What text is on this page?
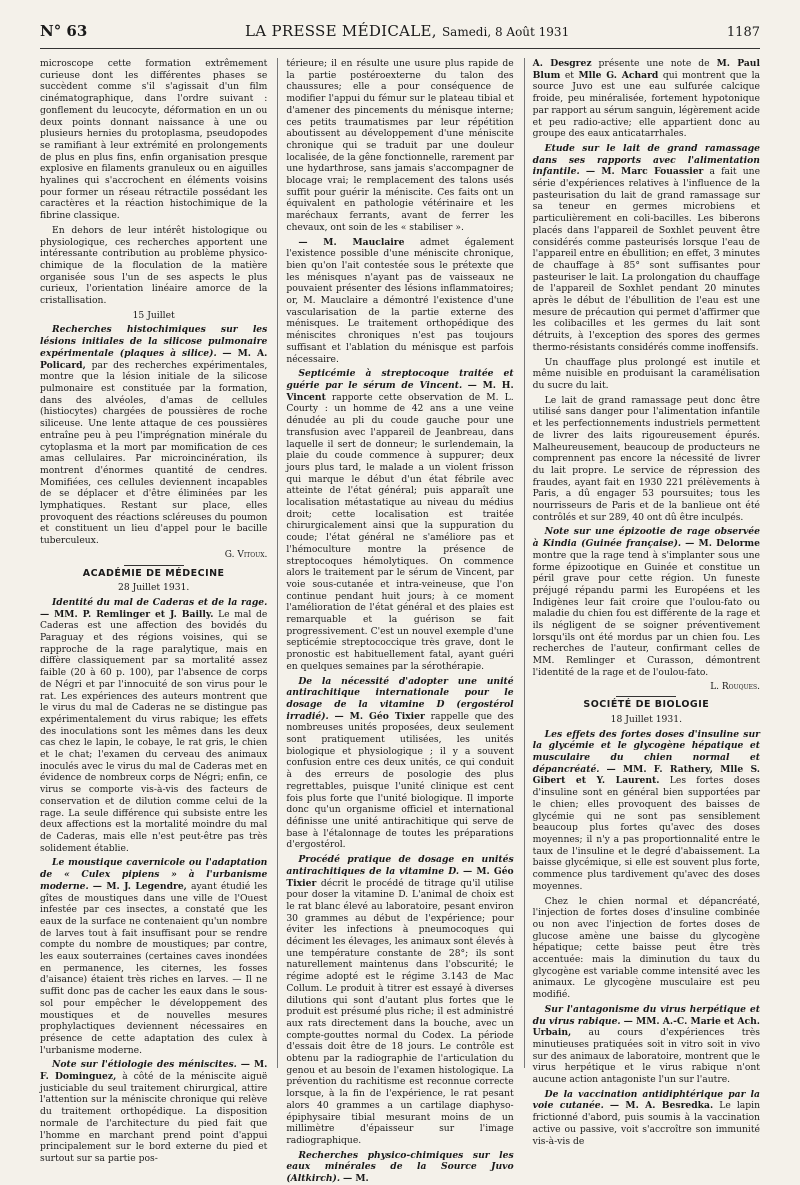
N° 63	LA PRESSE MÉDICALE, Samedi, 8 Août 1931	1187

microscope cette formation extrêmement curieuse dont les différentes phases se succèdent comme s'il s'agissait d'un film cinématographique, dans l'ordre suivant : gonflement du leucocyte, déformation en un ou deux points donnant naissance à une ou plusieurs hernies du protoplasma, pseudopodes se ramifiant à leur extrémité en prolongements de plus en plus fins, enfin organisation presque explosive en filaments granuleux ou en aiguilles hyalines qui s'accrochent en éléments voisins pour former un réseau rétractile possédant les caractères et la réaction histochimique de la fibrine classique.

En dehors de leur intérêt histologique ou physiologique, ces recherches apportent une intéressante contribution au problème physico-chimique de la floculation de la matière organisée sous l'un de ses aspects le plus curieux, l'orientation linéaire amorce de la cristallisation.

15 Juillet

Recherches histochimiques sur les lésions initiales de la silicose pulmonaire expérimentale (plaques à silice). — M. A. Policard, par des recherches expérimentales, montre que la lésion initiale de la silicose pulmonaire est constituée par la formation, dans des alvéoles, d'amas de cellules (histiocytes) chargées de poussières de roche siliceuse. Une lente attaque de ces poussières entraîne peu à peu l'imprégnation minérale du cytoplasma et la mort par momification de ces amas cellulaires. Par microincinération, ils montrent d'énormes quantité de cendres. Momifiées, ces cellules deviennent incapables de se déplacer et d'être éliminées par les lymphatiques. Restant sur place, elles provoquent des réactions scléreuses du poumon et constituent un lieu d'appel pour le bacille tuberculeux.

G. Vitoux.

ACADÉMIE DE MÉDECINE

28 Juillet 1931.

Identité du mal de Caderas et de la rage. — MM. P. Remlinger et J. Bailly. Le mal de Caderas est une affection des bovidés du Paraguay et des régions voisines, qui se rapproche de la rage paralytique, mais en diffère classiquement par sa mortalité assez faible (20 à 60 p. 100), par l'absence de corps de Négri et par l'innocuité de son virus pour le rat. Les expériences des auteurs montrent que le virus du mal de Caderas ne se distingue pas expérimentalement du virus rabique; les effets des inoculations sont les mêmes dans les deux cas chez le lapin, le cobaye, le rat gris, le chien et le chat; l'examen du cerveau des animaux inoculés avec le virus du mal de Caderas met en évidence de nombreux corps de Négri; enfin, ce virus se comporte vis-à-vis des facteurs de conservation et de dilution comme celui de la rage. La seule différence qui subsiste entre les deux affections est la mortalité moindre du mal de Caderas, mais elle n'est peut-être pas très solidement établie.

Le moustique cavernicole ou l'adaptation de « Culex pipiens » à l'urbanisme moderne. — M. J. Legendre, ayant étudié les gîtes de moustiques dans une ville de l'Ouest infestée par ces insectes, a constaté que les eaux de la surface ne contenaient qu'un nombre de larves tout à fait insuffisant pour se rendre compte du nombre de moustiques; par contre, les eaux souterraines (certaines caves inondées en permanence, les citernes, les fosses d'aisance) étaient très riches en larves. — Il ne suffit donc pas de cacher les eaux dans le sous-sol pour empêcher le développement des moustiques et de nouvelles mesures prophylactiques deviennent nécessaires en présence de cette adaptation des culex à l'urbanisme moderne.

Note sur l'étiologie des méniscites. — M. F. Dominguez, à côté de la méniscite aiguë justiciable du seul traitement chirurgical, attire l'attention sur la méniscite chronique qui relève du traitement orthopédique. La disposition normale de l'architecture du pied fait que l'homme en marchant prend point d'appui principalement sur le bord externe du pied et surtout sur sa partie pos-

térieure; il en résulte une usure plus rapide de la partie postéroexterne du talon des chaussures; elle a pour conséquence de modifier l'appui du fémur sur le plateau tibial et d'amener des pincements du ménisque interne; ces petits traumatismes par leur répétition aboutissent au développement d'une méniscite chronique qui se traduit par une douleur localisée, de la gêne fonctionnelle, rarement par une hydarthrose, sans jamais s'accompagner de blocage vrai; le remplacement des talons usés suffit pour guérir la méniscite. Ces faits ont un équivalent en pathologie vétérinaire et les maréchaux ferrants, avant de ferrer les chevaux, ont soin de les « stabiliser ».

— M. Mauclaire admet également l'existence possible d'une méniscite chronique, bien qu'on l'ait contestée sous le prétexte que les ménisques n'ayant pas de vaisseaux ne pouvaient présenter des lésions inflammatoires; or, M. Mauclaire a démontré l'existence d'une vascularisation de la partie externe des ménisques. Le traitement orthopédique des méniscites chroniques n'est pas toujours suffisant et l'ablation du ménisque est parfois nécessaire.

Septicémie à streptocoque traitée et guérie par le sérum de Vincent. — M. H. Vincent rapporte cette observation de M. L. Courty : un homme de 42 ans a une veine dénudée au pli du coude gauche pour une transfusion avec l'appareil de Jeanbreau, dans laquelle il sert de donneur; le surlendemain, la plaie du coude commence à suppurer; deux jours plus tard, le malade a un violent frisson qui marque le début d'un état fébrile avec atteinte de l'état général; puis apparaît une localisation métastatique au niveau du médius droit; cette localisation est traitée chirurgicalement ainsi que la suppuration du coude; l'état général ne s'améliore pas et l'hémoculture montre la présence de streptocoques hémolytiques. On commence alors le traitement par le sérum de Vincent, par voie sous-cutanée et intra-veineuse, que l'on continue pendant huit jours; à ce moment l'amélioration de l'état général et des plaies est remarquable et la guérison se fait progressivement. C'est un nouvel exemple d'une septicémie streptococcique très grave, dont le pronostic est habituellement fatal, ayant guéri en quelques semaines par la sérothérapie.

De la nécessité d'adopter une unité antirachitique internationale pour le dosage de la vitamine D (ergostérol irradié). — M. Géo Tixier rappelle que des nombreuses unités proposées, deux seulement sont pratiquement utilisées, les unités biologique et physiologique ; il y a souvent confusion entre ces deux unités, ce qui conduit à des erreurs de posologie des plus regrettables, puisque l'unité clinique est cent fois plus forte que l'unité biologique. Il importe donc qu'un organisme officiel et international définisse une unité antirachitique qui serve de base à l'étalonnage de toutes les préparations d'ergostérol.

Procédé pratique de dosage en unités antirachitiques de la vitamine D. — M. Géo Tixier décrit le procédé de titrage qu'il utilise pour doser la vitamine D. L'animal de choix est le rat blanc élevé au laboratoire, pesant environ 30 grammes au début de l'expérience; pour éviter les infections à pneumocoques qui déciment les élevages, les animaux sont élevés à une température constante de 28°; ils sont naturellement maintenus dans l'obscurité; le régime adopté est le régime 3.143 de Mac Collum. Le produit à titrer est essayé à diverses dilutions qui sont d'autant plus fortes que le produit est présumé plus riche; il est administré aux rats directement dans la bouche, avec un compte-gouttes normal du Codex. La période d'essais doit être de 18 jours. Le contrôle est obtenu par la radiographie de l'articulation du genou et au besoin de l'examen histologique. La prévention du rachitisme est reconnue correcte lorsque, à la fin de l'expérience, le rat pesant alors 40 grammes a un cartilage diaphyso-épiphysaire tibial mesurant moins de un millimètre d'épaisseur sur l'image radiographique.

Recherches physico-chimiques sur les eaux minérales de la Source Juvo (Altkirch). — M.

A. Desgrez présente une note de M. Paul Blum et Mlle G. Achard qui montrent que la source Juvo est une eau sulfurée calcique froide, peu minéralisée, fortement hypotonique par rapport au sérum sanguin, légèrement acide et peu radio-active; elle appartient donc au groupe des eaux anticatarrhales.

Etude sur le lait de grand ramassage dans ses rapports avec l'alimentation infantile. — M. Marc Fouassier a fait une série d'expériences relatives à l'influence de la pasteurisation du lait de grand ramassage sur sa teneur en germes microbiens et particulièrement en coli-bacilles. Les biberons placés dans l'appareil de Soxhlet peuvent être considérés comme pasteurisés lorsque l'eau de l'appareil entre en ébullition; en effet, 3 minutes de chauffage à 85° sont suffisantes pour pasteuriser le lait. La prolongation du chauffage de l'appareil de Soxhlet pendant 20 minutes après le début de l'ébullition de l'eau est une mesure de précaution qui permet d'affirmer que les colibacilles et les germes du lait sont détruits, à l'exception des spores des germes thermo-résistants considérés comme inoffensifs.

Un chauffage plus prolongé est inutile et même nuisible en produisant la caramélisation du sucre du lait.

Le lait de grand ramassage peut donc être utilisé sans danger pour l'alimentation infantile et les perfectionnements industriels permettent de livrer des laits rigoureusement épurés. Malheureusement, beaucoup de producteurs ne comprennent pas encore la nécessité de livrer du lait propre. Le service de répression des fraudes, ayant fait en 1930 221 prélèvements à Paris, a dû engager 53 poursuites; tous les nourrisseurs de Paris et de la banlieue ont été contrôlés et sur 289, 40 ont dû être inculpés.

Note sur une épizootie de rage observée à Kindia (Guinée française). — M. Delorme montre que la rage tend à s'implanter sous une forme épizootique en Guinée et constitue un péril grave pour cette région. Un funeste préjugé répandu parmi les Européens et les Indigènes leur fait croire que l'oulou-fato ou maladie du chien fou est différente de la rage et ils négligent de se soigner préventivement lorsqu'ils ont été mordus par un chien fou. Les recherches de l'auteur, confirmant celles de MM. Remlinger et Curasson, démontrent l'identité de la rage et de l'oulou-fato.

L. Rouques.

SOCIÉTÉ DE BIOLOGIE

18 Juillet 1931.

Les effets des fortes doses d'insuline sur la glycémie et le glycogène hépatique et musculaire du chien normal et dépancréaté. — MM. F. Rathery, Mlle S. Gibert et Y. Laurent. Les fortes doses d'insuline sont en général bien supportées par le chien; elles provoquent des baisses de glycémie qui ne sont pas sensiblement beaucoup plus fortes qu'avec des doses moyennes; il n'y a pas proportionnalité entre le taux de l'insuline et le degré d'abaissement. La baisse glycémique, si elle est souvent plus forte, commence plus tardivement qu'avec des doses moyennes.

Chez le chien normal et dépancréaté, l'injection de fortes doses d'insuline combinée ou non avec l'injection de fortes doses de glucose amène une baisse du glycogène hépatique; cette baisse peut être très accentuée: mais la diminution du taux du glycogène est variable comme intensité avec les animaux. Le glycogène musculaire est peu modifié.

Sur l'antagonisme du virus herpétique et du virus rabique. — MM. A.-C. Marie et Ach. Urbain, au cours d'expériences très minutieuses pratiquées soit in vitro soit in vivo sur des animaux de laboratoire, montrent que le virus herpétique et le virus rabique n'ont aucune action antagoniste l'un sur l'autre.

De la vaccination antidiphtérique par la voie cutanée. — M. A. Besredka. Le lapin frictionné d'abord, puis soumis à la vaccination active ou passive, voit s'accroître son immunité vis-à-vis de
